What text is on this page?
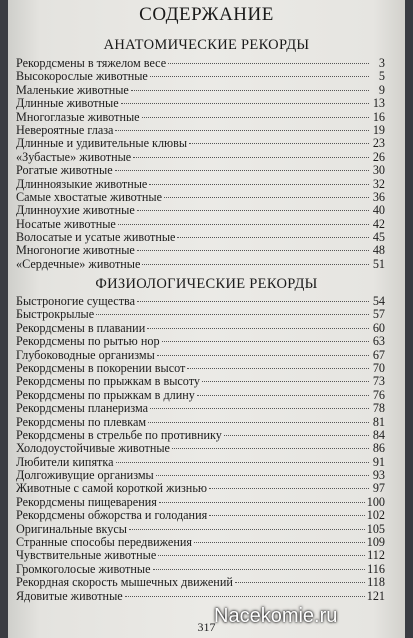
СОДЕРЖАНИЕ
АНАТОМИЧЕСКИЕ РЕКОРДЫ
Рекордсмены в тяжелом весе	3
Высокорослые животные	5
Маленькие животные	9
Длинные животные	13
Многоглазые животные	16
Невероятные глаза	19
Длинные и удивительные клювы	23
«Зубастые» животные	26
Рогатые животные	30
Длинноязыкие животные	32
Самые хвостатые животные	36
Длинноухие животные	40
Носатые животные	42
Волосатые и усатые животные	45
Многоногие животные	48
«Сердечные» животные	51
ФИЗИОЛОГИЧЕСКИЕ РЕКОРДЫ
Быстроногие существа	54
Быстрокрылые	57
Рекордсмены в плавании	60
Рекордсмены по рытью нор	63
Глубоководные организмы	67
Рекордсмены в покорении высот	70
Рекордсмены по прыжкам в высоту	73
Рекордсмены по прыжкам в длину	76
Рекордсмены планеризма	78
Рекордсмены по плевкам	81
Рекордсмены в стрельбе по противнику	84
Холодоустойчивые животные	86
Любители кипятка	91
Долгоживущие организмы	93
Животные с самой короткой жизнью	97
Рекордсмены пищеварения	100
Рекордсмены обжорства и голодания	102
Оригинальные вкусы	105
Странные способы передвижения	109
Чувствительные животные	112
Громкоголосые животные	116
Рекордная скорость мышечных движений	118
Ядовитые животные	121
317
Nacekomie.ru
